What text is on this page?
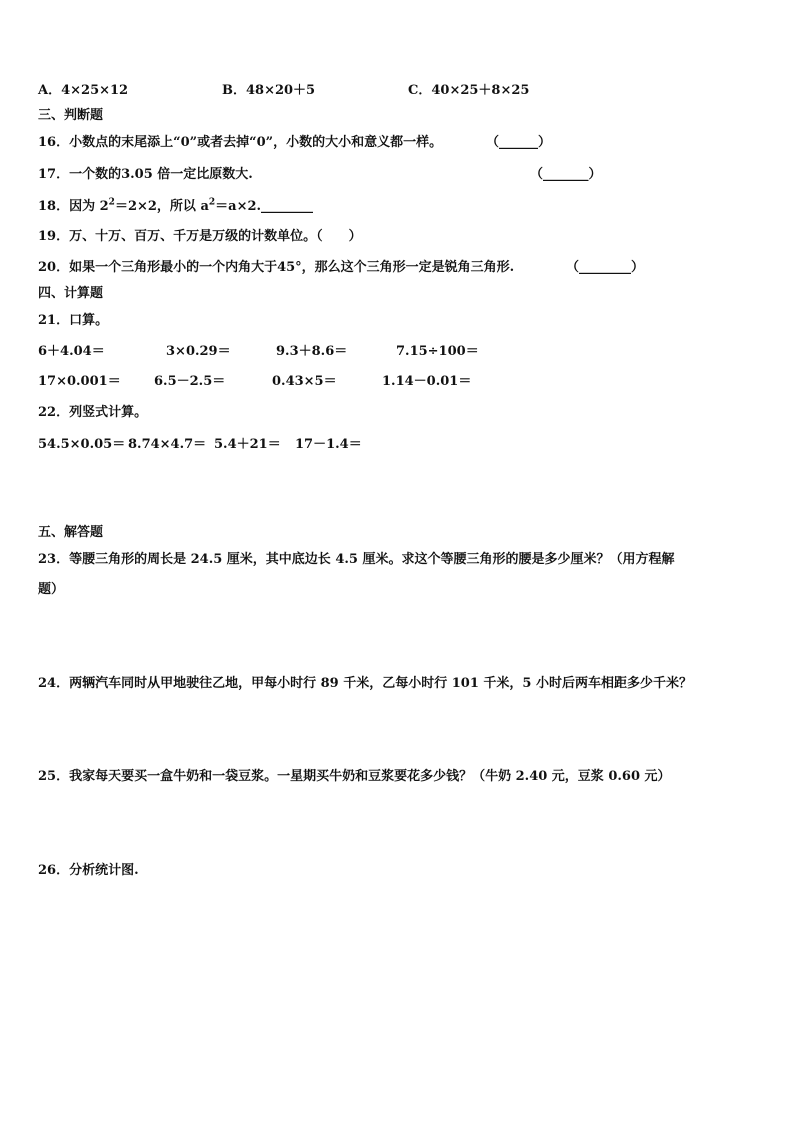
A．4×25×12	B．48×20＋5	C．40×25＋8×25
三、判断题
16．小数点的末尾添上“0”或者去掉“0”，小数的大小和意义都一样。	（______）
17．一个数的3.05 倍一定比原数大.	（_______）
18．因为 $2^2=2\times 2$，所以 $a^2=a\times 2.\_\_\_\_\_\_\_\_$
19．万、十万、百万、千万是万级的计数单位。（　　）
20．如果一个三角形最小的一个内角大于45°，那么这个三角形一定是锐角三角形.	（________）
四、计算题
21．口算。
6＋4.04＝	3×0.29＝	9.3＋8.6＝	7.15÷100＝
17×0.001＝	6.5－2.5＝	0.43×5＝	1.14－0.01＝
22．列竖式计算。
54.5×0.05＝ 8.74×4.7＝ 5.4＋21＝ 17－1.4＝
五、解答题
23．等腰三角形的周长是 24.5 厘米，其中底边长 4.5 厘米。求这个等腰三角形的腰是多少厘米？（用方程解
题）
24．两辆汽车同时从甲地驶往乙地，甲每小时行 89 千米，乙每小时行 101 千米，5 小时后两车相距多少千米？
25．我家每天要买一盒牛奶和一袋豆浆。一星期买牛奶和豆浆要花多少钱？（牛奶 2.40 元，豆浆 0.60 元）
26．分析统计图.
